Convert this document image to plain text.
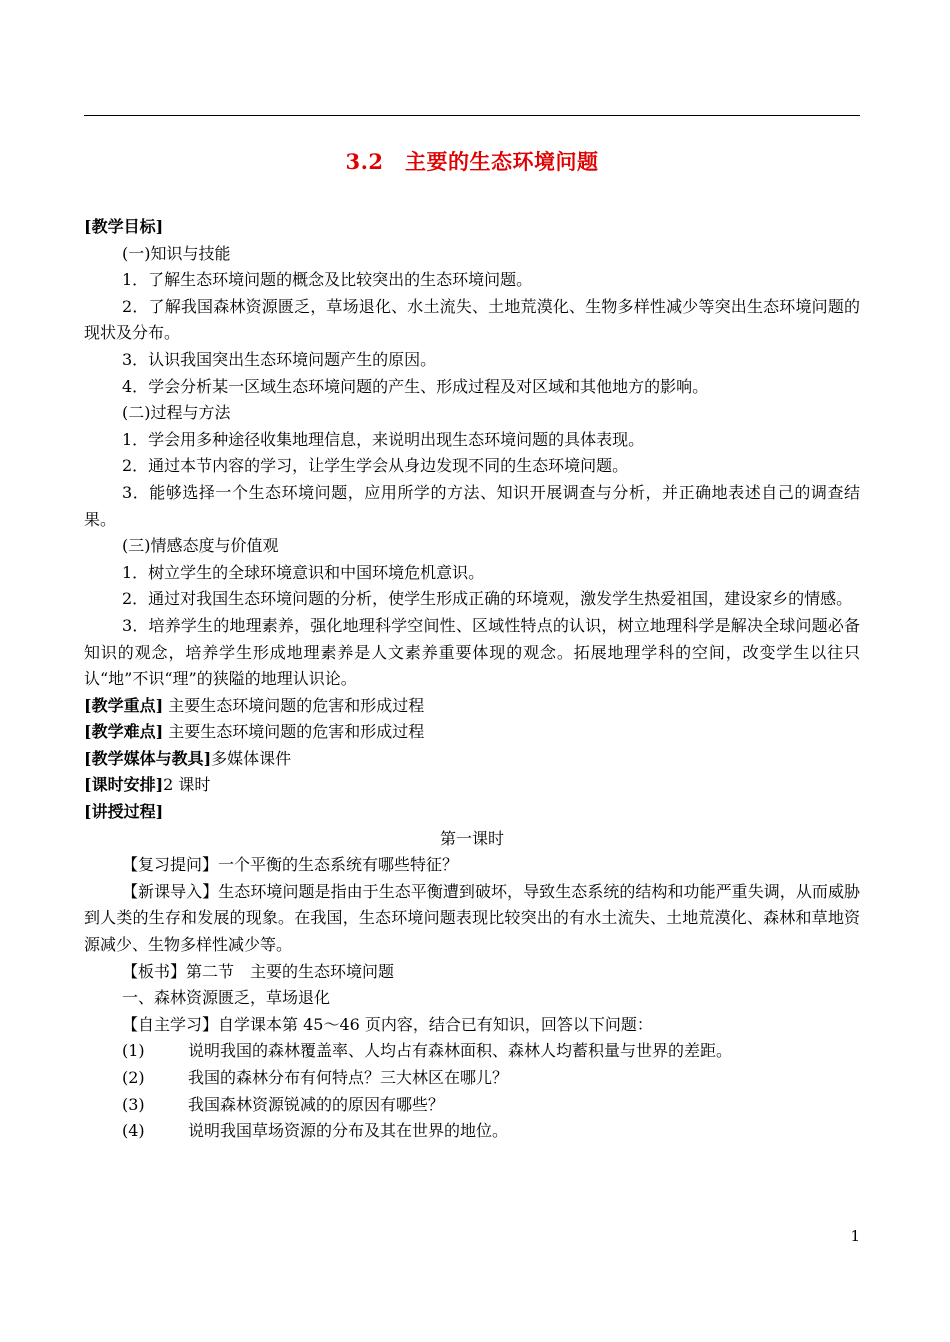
3.2　主要的生态环境问题
[教学目标]
(一)知识与技能
1．了解生态环境问题的概念及比较突出的生态环境问题。
2．了解我国森林资源匮乏，草场退化、水土流失、土地荒漠化、生物多样性减少等突出生态环境问题的现状及分布。
3．认识我国突出生态环境问题产生的原因。
4．学会分析某一区域生态环境问题的产生、形成过程及对区域和其他地方的影响。
(二)过程与方法
1．学会用多种途径收集地理信息，来说明出现生态环境问题的具体表现。
2．通过本节内容的学习，让学生学会从身边发现不同的生态环境问题。
3．能够选择一个生态环境问题，应用所学的方法、知识开展调查与分析，并正确地表述自己的调查结果。
(三)情感态度与价值观
1．树立学生的全球环境意识和中国环境危机意识。
2．通过对我国生态环境问题的分析，使学生形成正确的环境观，激发学生热爱祖国，建设家乡的情感。
3．培养学生的地理素养，强化地理科学空间性、区域性特点的认识，树立地理科学是解决全球问题必备知识的观念，培养学生形成地理素养是人文素养重要体现的观念。拓展地理学科的空间，改变学生以往只认“地”不识“理”的狭隘的地理认识论。
[教学重点] 主要生态环境问题的危害和形成过程
[教学难点] 主要生态环境问题的危害和形成过程
[教学媒体与教具]多媒体课件
[课时安排]2 课时
[讲授过程]
第一课时
【复习提问】一个平衡的生态系统有哪些特征？
【新课导入】生态环境问题是指由于生态平衡遭到破坏，导致生态系统的结构和功能严重失调，从而威胁到人类的生存和发展的现象。在我国，生态环境问题表现比较突出的有水土流失、土地荒漠化、森林和草地资源减少、生物多样性减少等。
【板书】第二节　主要的生态环境问题
一、森林资源匮乏，草场退化
【自主学习】自学课本第 45～46 页内容，结合已有知识，回答以下问题：
(1)	说明我国的森林覆盖率、人均占有森林面积、森林人均蓄积量与世界的差距。
(2)	我国的森林分布有何特点？三大林区在哪儿？
(3)	我国森林资源锐减的的原因有哪些？
(4)	说明我国草场资源的分布及其在世界的地位。
1
